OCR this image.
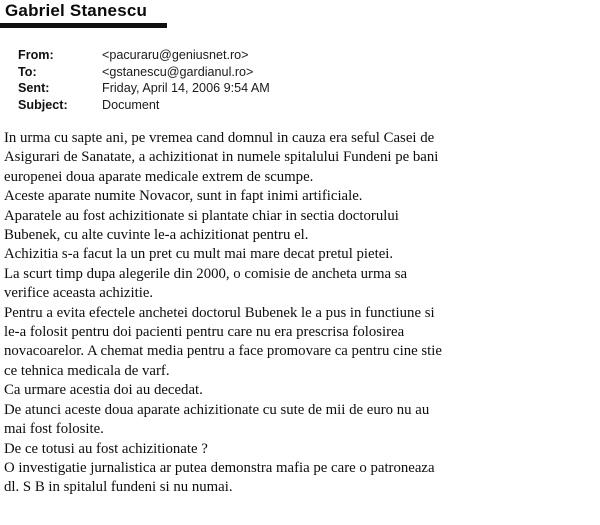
Gabriel Stanescu
From:	<pacuraru@geniusnet.ro>
To:	<gstanescu@gardianul.ro>
Sent:	Friday, April 14, 2006 9:54 AM
Subject:	Document
In urma cu sapte ani, pe vremea cand domnul in cauza era seful Casei de
Asigurari de Sanatate, a achizitionat in numele spitalului Fundeni pe bani
europenei doua aparate medicale extrem de scumpe.
Aceste aparate numite Novacor, sunt in fapt inimi artificiale.
Aparatele au fost achizitionate si plantate chiar in sectia doctorului
Bubenek, cu alte cuvinte le-a achizitionat pentru el.
Achizitia s-a facut la un pret cu mult mai mare decat pretul pietei.
La scurt timp dupa alegerile din 2000, o comisie de ancheta urma sa
verifice aceasta achizitie.
Pentru a evita efectele anchetei doctorul Bubenek le a pus in functiune si
le-a folosit pentru doi pacienti pentru care nu era prescrisa folosirea
novacoarelor. A chemat media pentru a face promovare ca pentru cine stie
ce tehnica medicala de varf.
Ca urmare acestia doi au decedat.
De atunci aceste doua aparate achizitionate cu sute de mii de euro nu au
mai fost folosite.
De ce totusi au fost achizitionate ?
O investigatie jurnalistica ar putea demonstra mafia pe care o patroneaza
dl. S B in spitalul fundeni si nu numai.
